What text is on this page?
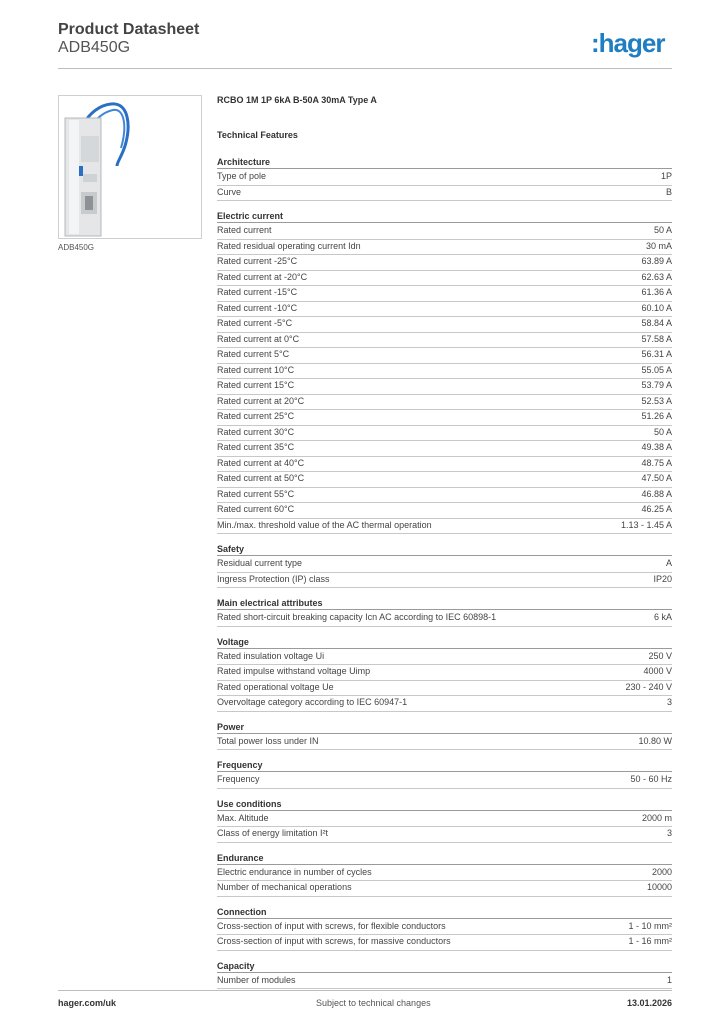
Product Datasheet
ADB450G	:hager
ADB450G
RCBO 1M 1P 6kA B-50A 30mA Type A
Technical Features
Architecture
Type of pole	1P
Curve	B
Electric current
Rated current	50 A
Rated residual operating current Idn	30 mA
Rated current -25°C	63.89 A
Rated current at -20°C	62.63 A
Rated current -15°C	61.36 A
Rated current -10°C	60.10 A
Rated current -5°C	58.84 A
Rated current at 0°C	57.58 A
Rated current 5°C	56.31 A
Rated current 10°C	55.05 A
Rated current 15°C	53.79 A
Rated current at 20°C	52.53 A
Rated current 25°C	51.26 A
Rated current 30°C	50 A
Rated current 35°C	49.38 A
Rated current at 40°C	48.75 A
Rated current at 50°C	47.50 A
Rated current 55°C	46.88 A
Rated current 60°C	46.25 A
Min./max. threshold value of the AC thermal operation	1.13 - 1.45 A
Safety
Residual current type	A
Ingress Protection (IP) class	IP20
Main electrical attributes
Rated short-circuit breaking capacity Icn AC according to IEC 60898-1	6 kA
Voltage
Rated insulation voltage Ui	250 V
Rated impulse withstand voltage Uimp	4000 V
Rated operational voltage Ue	230 - 240 V
Overvoltage category according to IEC 60947-1	3
Power
Total power loss under IN	10.80 W
Frequency
Frequency	50 - 60 Hz
Use conditions
Max. Altitude	2000 m
Class of energy limitation I²t	3
Endurance
Electric endurance in number of cycles	2000
Number of mechanical operations	10000
Connection
Cross-section of input with screws, for flexible conductors	1 - 10 mm²
Cross-section of input with screws, for massive conductors	1 - 16 mm²
Capacity
Number of modules	1
hager.com/uk	Subject to technical changes	13.01.2026
